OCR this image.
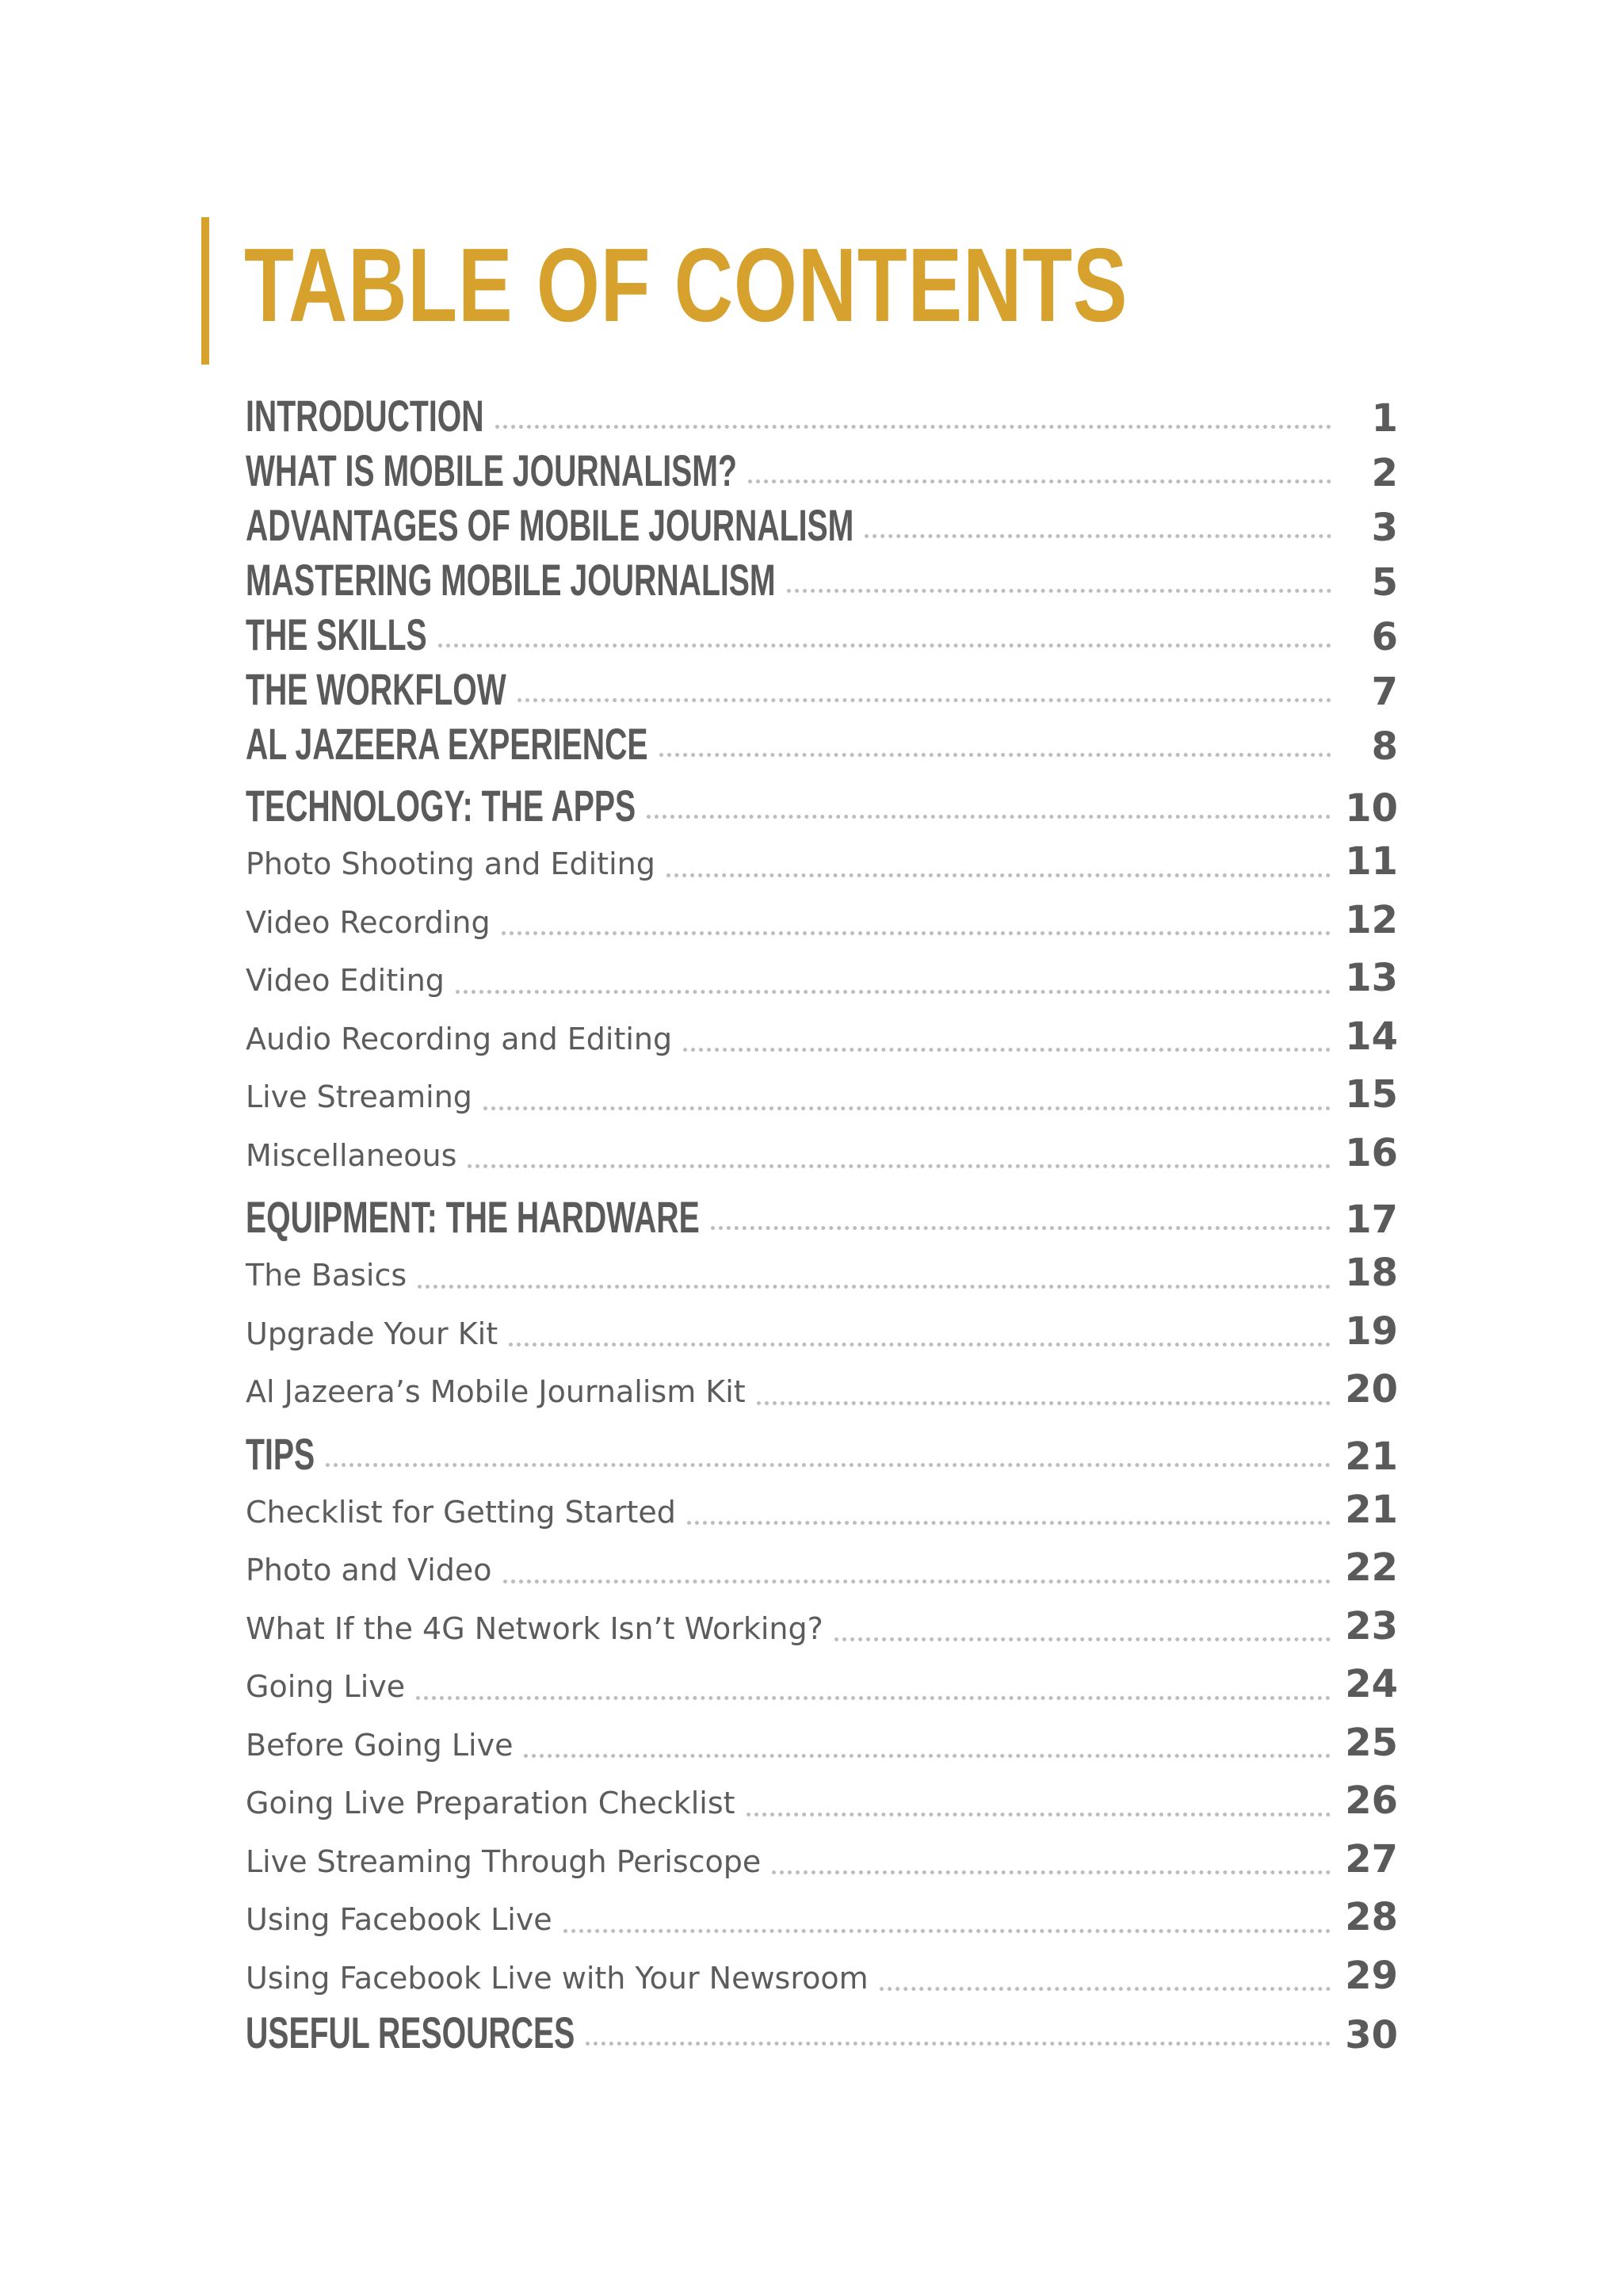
TABLE OF CONTENTS
INTRODUCTION	1
WHAT IS MOBILE JOURNALISM?	2
ADVANTAGES OF MOBILE JOURNALISM	3
MASTERING MOBILE JOURNALISM	5
THE SKILLS	6
THE WORKFLOW	7
AL JAZEERA EXPERIENCE	8
TECHNOLOGY: THE APPS	10
Photo Shooting and Editing	11
Video Recording	12
Video Editing	13
Audio Recording and Editing	14
Live Streaming	15
Miscellaneous	16
EQUIPMENT: THE HARDWARE	17
The Basics	18
Upgrade Your Kit	19
Al Jazeera’s Mobile Journalism Kit	20
TIPS	21
Checklist for Getting Started	21
Photo and Video	22
What If the 4G Network Isn’t Working?	23
Going Live	24
Before Going Live	25
Going Live Preparation Checklist	26
Live Streaming Through Periscope	27
Using Facebook Live	28
Using Facebook Live with Your Newsroom	29
USEFUL RESOURCES	30
